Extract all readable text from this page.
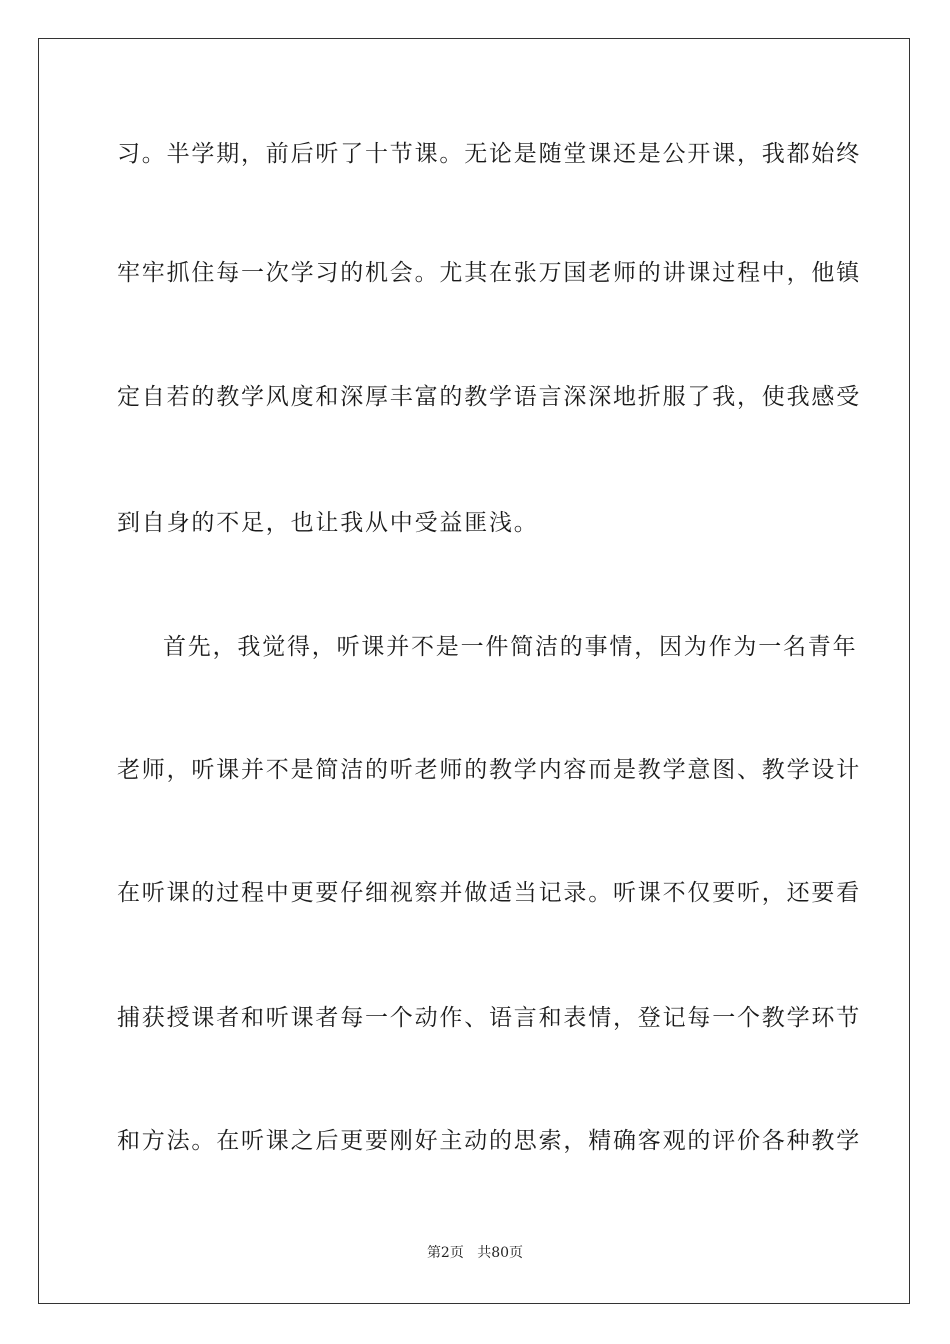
习。半学期，前后听了十节课。无论是随堂课还是公开课，我都始终
牢牢抓住每一次学习的机会。尤其在张万国老师的讲课过程中，他镇
定自若的教学风度和深厚丰富的教学语言深深地折服了我，使我感受
到自身的不足，也让我从中受益匪浅。
首先，我觉得，听课并不是一件简洁的事情，因为作为一名青年
老师，听课并不是简洁的听老师的教学内容而是教学意图、教学设计
在听课的过程中更要仔细视察并做适当记录。听课不仅要听，还要看
捕获授课者和听课者每一个动作、语言和表情，登记每一个教学环节
和方法。在听课之后更要刚好主动的思索，精确客观的评价各种教学
第2页 共80页
